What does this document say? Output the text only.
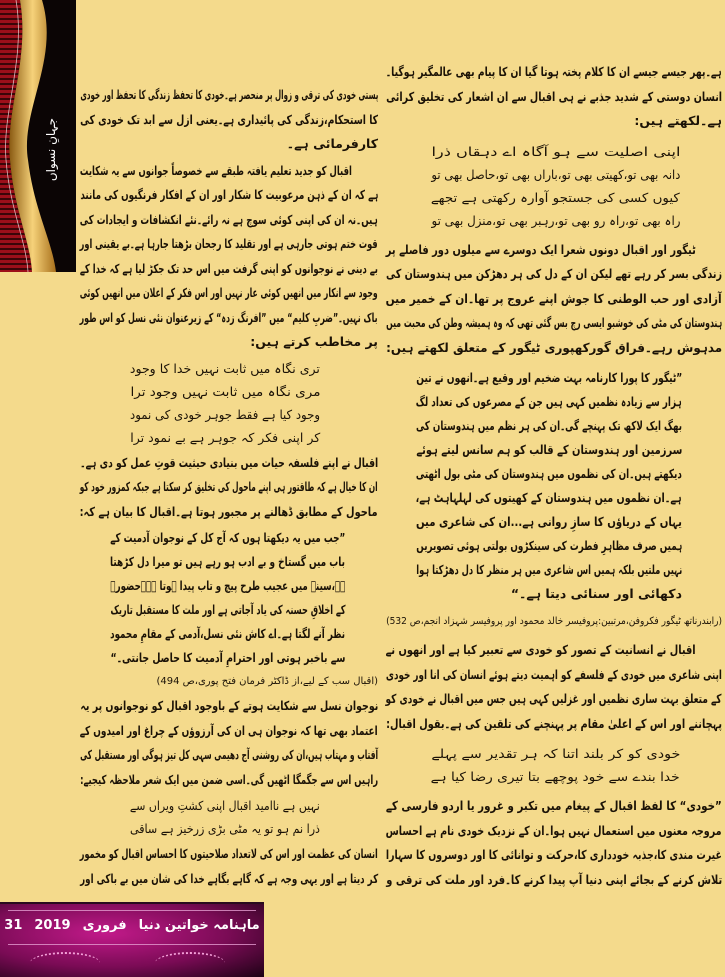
جہانِ نسواں
ہے۔پھر جیسے جیسے ان کا کلام پختہ ہوتا گیا ان کا پیام بھی عالمگیر ہوگیا۔
انسان دوستی کے شدید جذبے نے ہی اقبال سے ان اشعار کی تخلیق کرائی
ہے۔لکھتے ہیں:
اپنی اصلیت سے ہو آگاہ اے دہقاں ذرا
دانہ بھی تو،کھیتی بھی تو،باراں بھی تو،حاصل بھی تو
کیوں کسی کی جستجو آوارہ رکھتی ہے تجھے
راہ بھی تو،راہ رو بھی تو،رہبر بھی تو،منزل بھی تو
ٹیگور اور اقبال دونوں شعرا ایک دوسرے سے میلوں دور فاصلے پر
زندگی بسر کر رہے تھے لیکن ان کے دل کی ہر دھڑکن میں ہندوستان کی
آزادی اور حب الوطنی کا جوش اپنے عروج پر تھا۔ان کے خمیر میں
ہندوستان کی مٹی کی خوشبو ایسی رچ بس گئی تھی کہ وہ ہمیشہ وطن کی محبت میں
مدہوش رہے۔فراق گورکھپوری ٹیگور کے متعلق لکھتے ہیں:
”ٹیگور کا پورا کارنامہ بہت ضخیم اور وقیع ہے۔انھوں نے تین
ہزار سے زیادہ نظمیں کہی ہیں جن کے مصرعوں کی تعداد لگ
بھگ ایک لاکھ تک پہنچے گی۔ان کی ہر نظم میں ہندوستان کی
سرزمین اور ہندوستان کے قالب کو ہم سانس لیتے ہوئے
دیکھتے ہیں۔ان کی نظموں میں ہندوستان کی مٹی بول اٹھتی
ہے۔ان نظموں میں ہندوستان کے کھیتوں کی لہلہاہٹ ہے،
یہاں کے دریاؤں کا سازِ روانی ہے...ان کی شاعری میں
ہمیں صرف مظاہرِ فطرت کی سینکڑوں بولتی ہوئی تصویریں
نہیں ملتیں بلکہ ہمیں اس شاعری میں ہر منظر کا دل دھڑکتا ہوا
دکھائی اور سنائی دیتا ہے۔“
(رابندرناتھ ٹیگور فکروفن،مرتبین:پروفیسر خالد محمود اور پروفیسر شہزاد انجم،ص 532)
اقبال نے انسانیت کے تصور کو خودی سے تعبیر کیا ہے اور انھوں نے
اپنی شاعری میں خودی کے فلسفے کو اہمیت دیتے ہوئے انسان کی انا اور خودی
کے متعلق بہت ساری نظمیں اور غزلیں کہی ہیں جس میں اقبال نے خودی کو
پہچاننے اور اس کے اعلیٰ مقام پر پہنچنے کی تلقین کی ہے۔بقول اقبال:
خودی کو کر بلند اتنا کہ ہر تقدیر سے پہلے
خدا بندے سے خود پوچھے بتا تیری رضا کیا ہے
”خودی“ کا لفظ اقبال کے پیغام میں تکبر و غرور یا اردو فارسی کے
مروجہ معنوں میں استعمال نہیں ہوا۔ان کے نزدیک خودی نام ہے احساس
غیرت مندی کا،جذبہ خودداری کا،حرکت و توانائی کا اور دوسروں کا سہارا
تلاش کرنے کے بجائے اپنی دنیا آپ پیدا کرنے کا۔فرد اور ملت کی ترقی و
پستی خودی کی ترقی و زوال پر منحصر ہے۔خودی کا تحفظ زندگی کا تحفظ اور خودی
کا استحکام،زندگی کی پائیداری ہے۔یعنی ازل سے ابد تک خودی کی
کارفرمائی ہے۔
اقبال کو جدید تعلیم یافتہ طبقے سے خصوصاً جوانوں سے یہ شکایت
ہے کہ ان کے ذہن مرعوبیت کا شکار اور ان کے افکار فرنگیوں کی مانند
ہیں۔نہ ان کی اپنی کوئی سوچ ہے نہ رائے۔نئے انکشافات و ایجادات کی
قوت ختم ہوتی جارہی ہے اور تقلید کا رجحان بڑھتا جارہا ہے۔بے یقینی اور
بے دینی نے نوجوانوں کو اپنی گرفت میں اس حد تک جکڑ لیا ہے کہ خدا کے
وجود سے انکار میں انھیں کوئی عار نہیں اور اس فکر کے اعلان میں انھیں کوئی
باک نہیں۔”ضربِ کلیم“ میں ”افرنگ زدہ“ کے زیرعنوان نئی نسل کو اس طور
پر مخاطب کرتے ہیں:
تری نگاہ میں ثابت نہیں خدا کا وجود
مری نگاہ میں ثابت نہیں وجود ترا
وجود کیا ہے فقط جوہر خودی کی نمود
کر اپنی فکر کہ جوہر ہے بے نمود ترا
اقبال نے اپنے فلسفہ حیات میں بنیادی حیثیت قوتِ عمل کو دی ہے۔
ان کا خیال ہے کہ طاقتور ہی اپنے ماحول کی تخلیق کر سکتا ہے جبکہ کمزور خود کو
ماحول کے مطابق ڈھالنے پر مجبور ہوتا ہے۔اقبال کا بیان ہے کہ:
”جب میں یہ دیکھتا ہوں کہ آج کل کے نوجوان آدمیت کے
باب میں گستاخ و بے ادب ہو رہے ہیں تو میرا دل کڑھتا
ہے،سینے میں عجیب طرح پیچ و تاب پیدا ہوتا ہے۔حضورؐ
کے اخلاقِ حسنہ کی یاد آجاتی ہے اور ملت کا مستقبل تاریک
نظر آنے لگتا ہے۔اے کاش نئی نسل،آدمی کے مقامِ محمود
سے باخبر ہوتی اور احترامِ آدمیت کا حاصل جانتی۔“
(اقبال سب کے لیے،از ڈاکٹر فرمان فتح پوری،ص 494)
نوجوان نسل سے شکایت ہوتے کے باوجود اقبال کو نوجوانوں پر یہ
اعتماد بھی تھا کہ نوجوان ہی ان کی آرزوؤں کے چراغ اور امیدوں کے
آفتاب و مہتاب ہیں،ان کی روشنی آج دھیمی سہی کل تیز ہوگی اور مستقبل کی
راہیں اس سے جگمگا اٹھیں گی۔اسی ضمن میں ایک شعر ملاحظہ کیجیے:
نہیں ہے ناامید اقبال اپنی کشتِ ویراں سے
ذرا نم ہو تو یہ مٹی بڑی زرخیز ہے ساقی
انسان کی عظمت اور اس کی لاتعداد صلاحیتوں کا احساس اقبال کو مخمور
کر دیتا ہے اور یہی وجہ ہے کہ گاہے بگاہے خدا کی شان میں بے باکی اور
31 2019 فروری ماہنامہ خواتین دنیا
